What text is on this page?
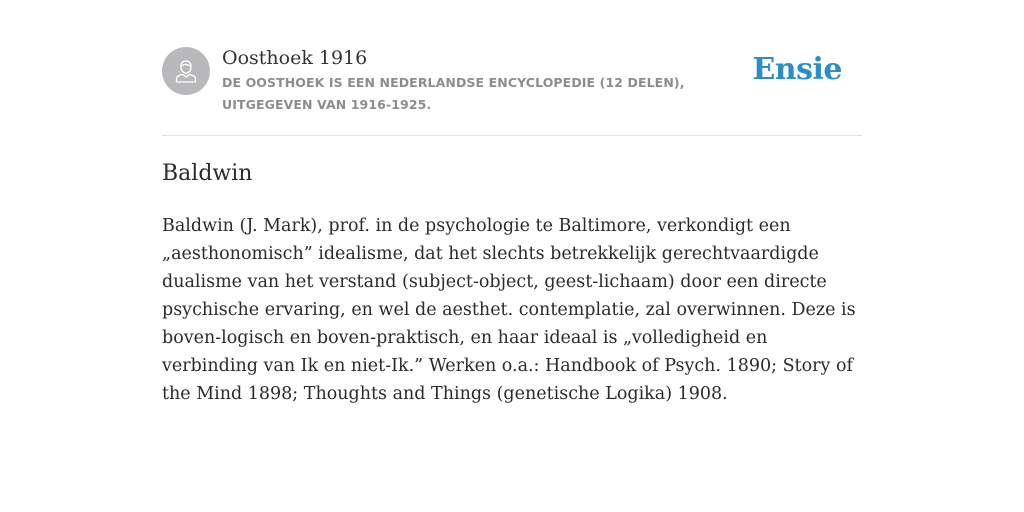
Oosthoek 1916
DE OOSTHOEK IS EEN NEDERLANDSE ENCYCLOPEDIE (12 DELEN), UITGEGEVEN VAN 1916-1925.
Ensie
Baldwin

Baldwin (J. Mark), prof. in de psychologie te Baltimore, verkondigt een „aesthonomisch” idealisme, dat het slechts betrekkelijk gerechtvaardigde dualisme van het verstand (subject-object, geest-lichaam) door een directe psychische ervaring, en wel de aesthet. contemplatie, zal overwinnen. Deze is boven-logisch en boven-praktisch, en haar ideaal is „volledigheid en verbinding van Ik en niet-Ik.” Werken o.a.: Handbook of Psych. 1890; Story of the Mind 1898; Thoughts and Things (genetische Logika) 1908.
